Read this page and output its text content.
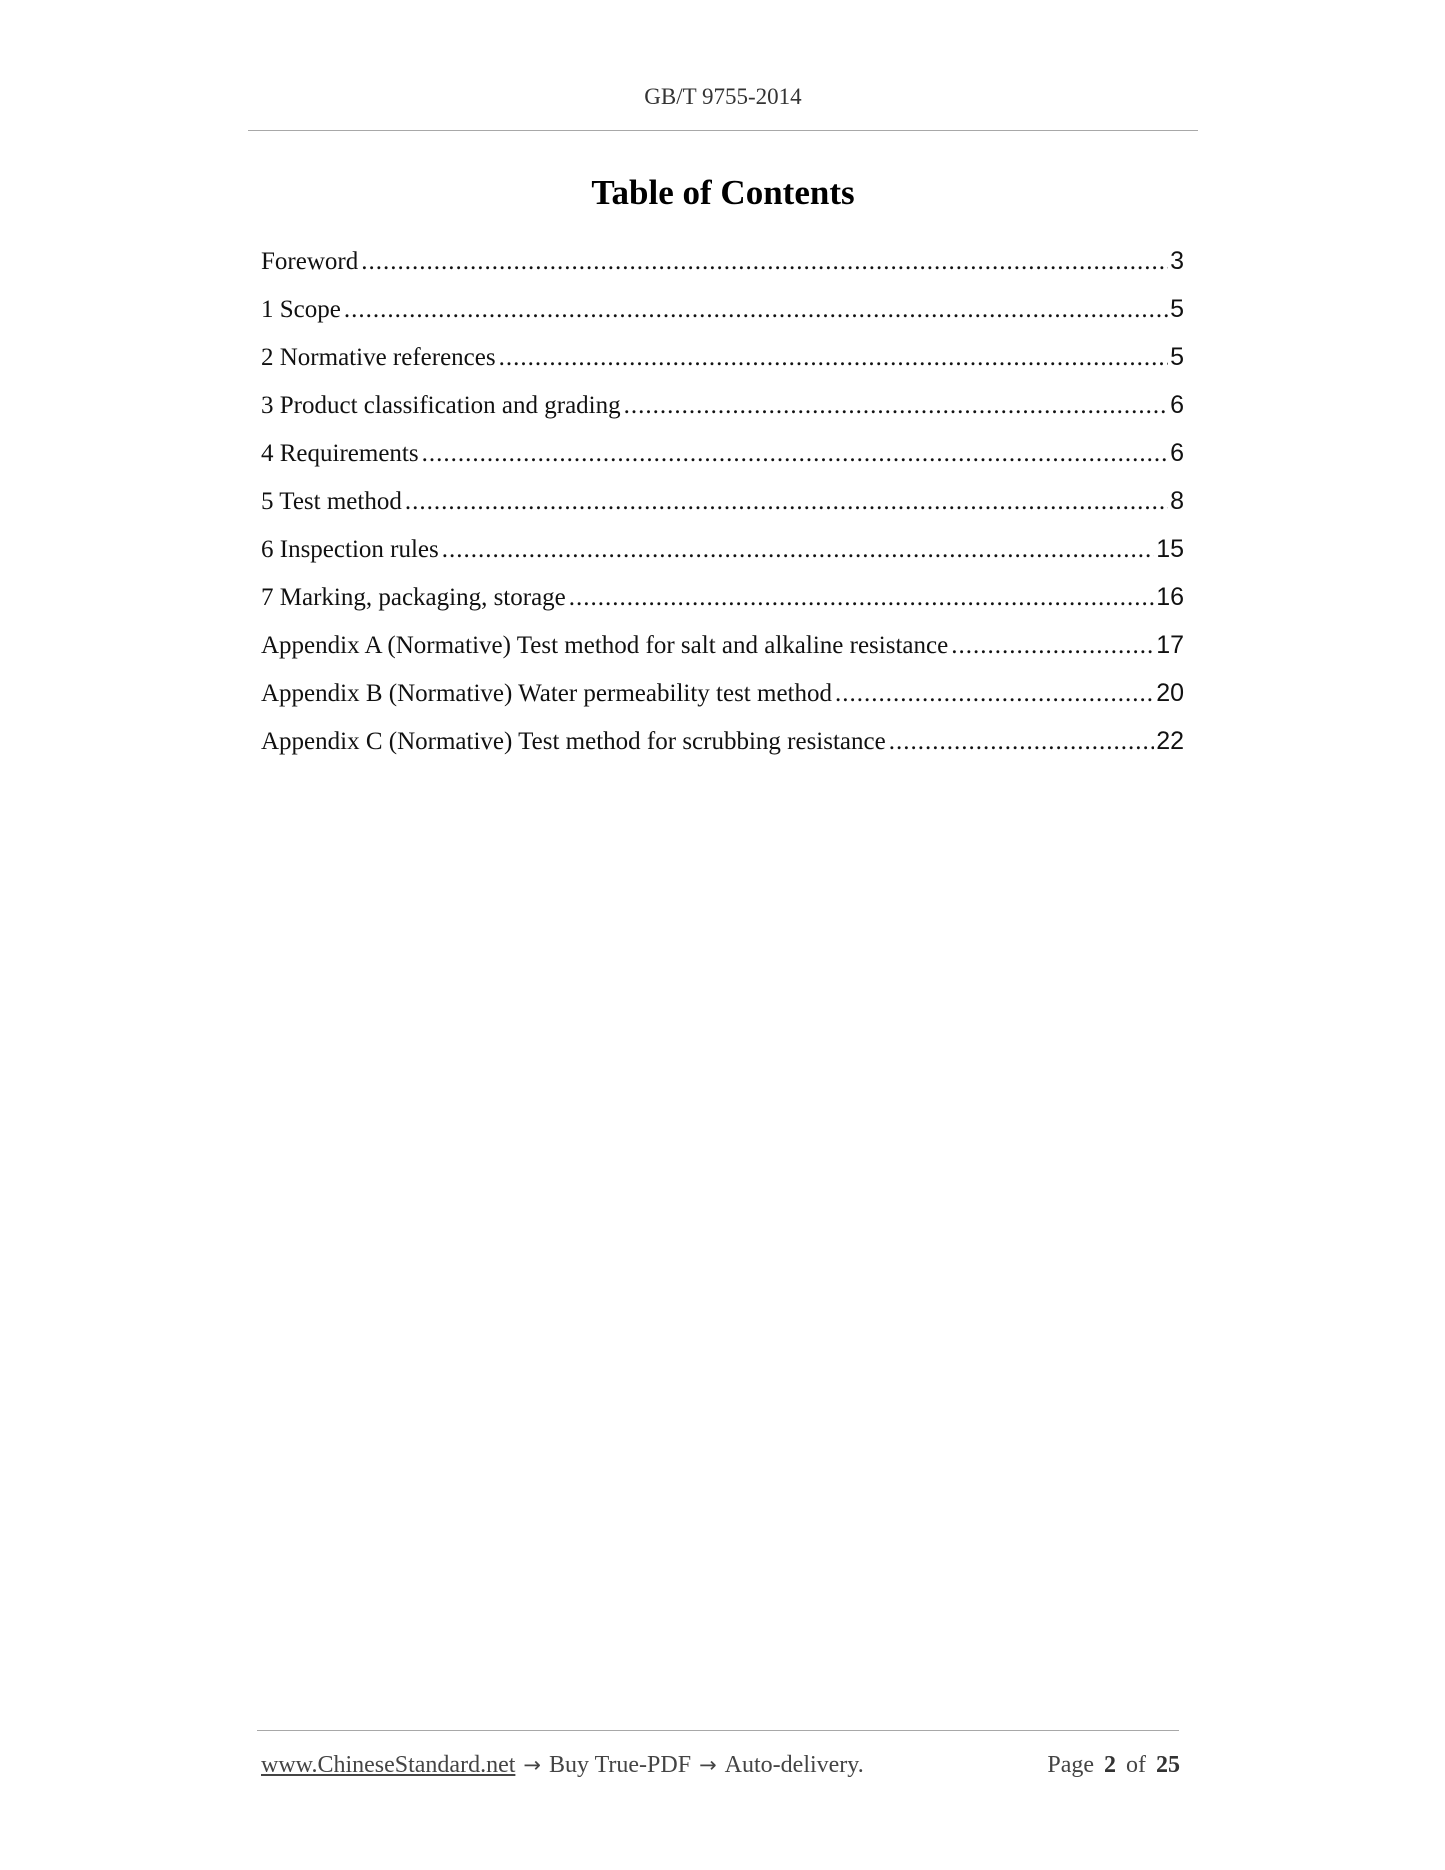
GB/T 9755-2014
Table of Contents
Foreword .....	3
1 Scope .....	5
2 Normative references .....	5
3 Product classification and grading .....	6
4 Requirements .....	6
5 Test method .....	8
6 Inspection rules .....	15
7 Marking, packaging, storage .....	16
Appendix A (Normative) Test method for salt and alkaline resistance .....	17
Appendix B (Normative) Water permeability test method .....	20
Appendix C (Normative) Test method for scrubbing resistance .....	22
www.ChineseStandard.net → Buy True-PDF → Auto-delivery.	Page 2 of 25
